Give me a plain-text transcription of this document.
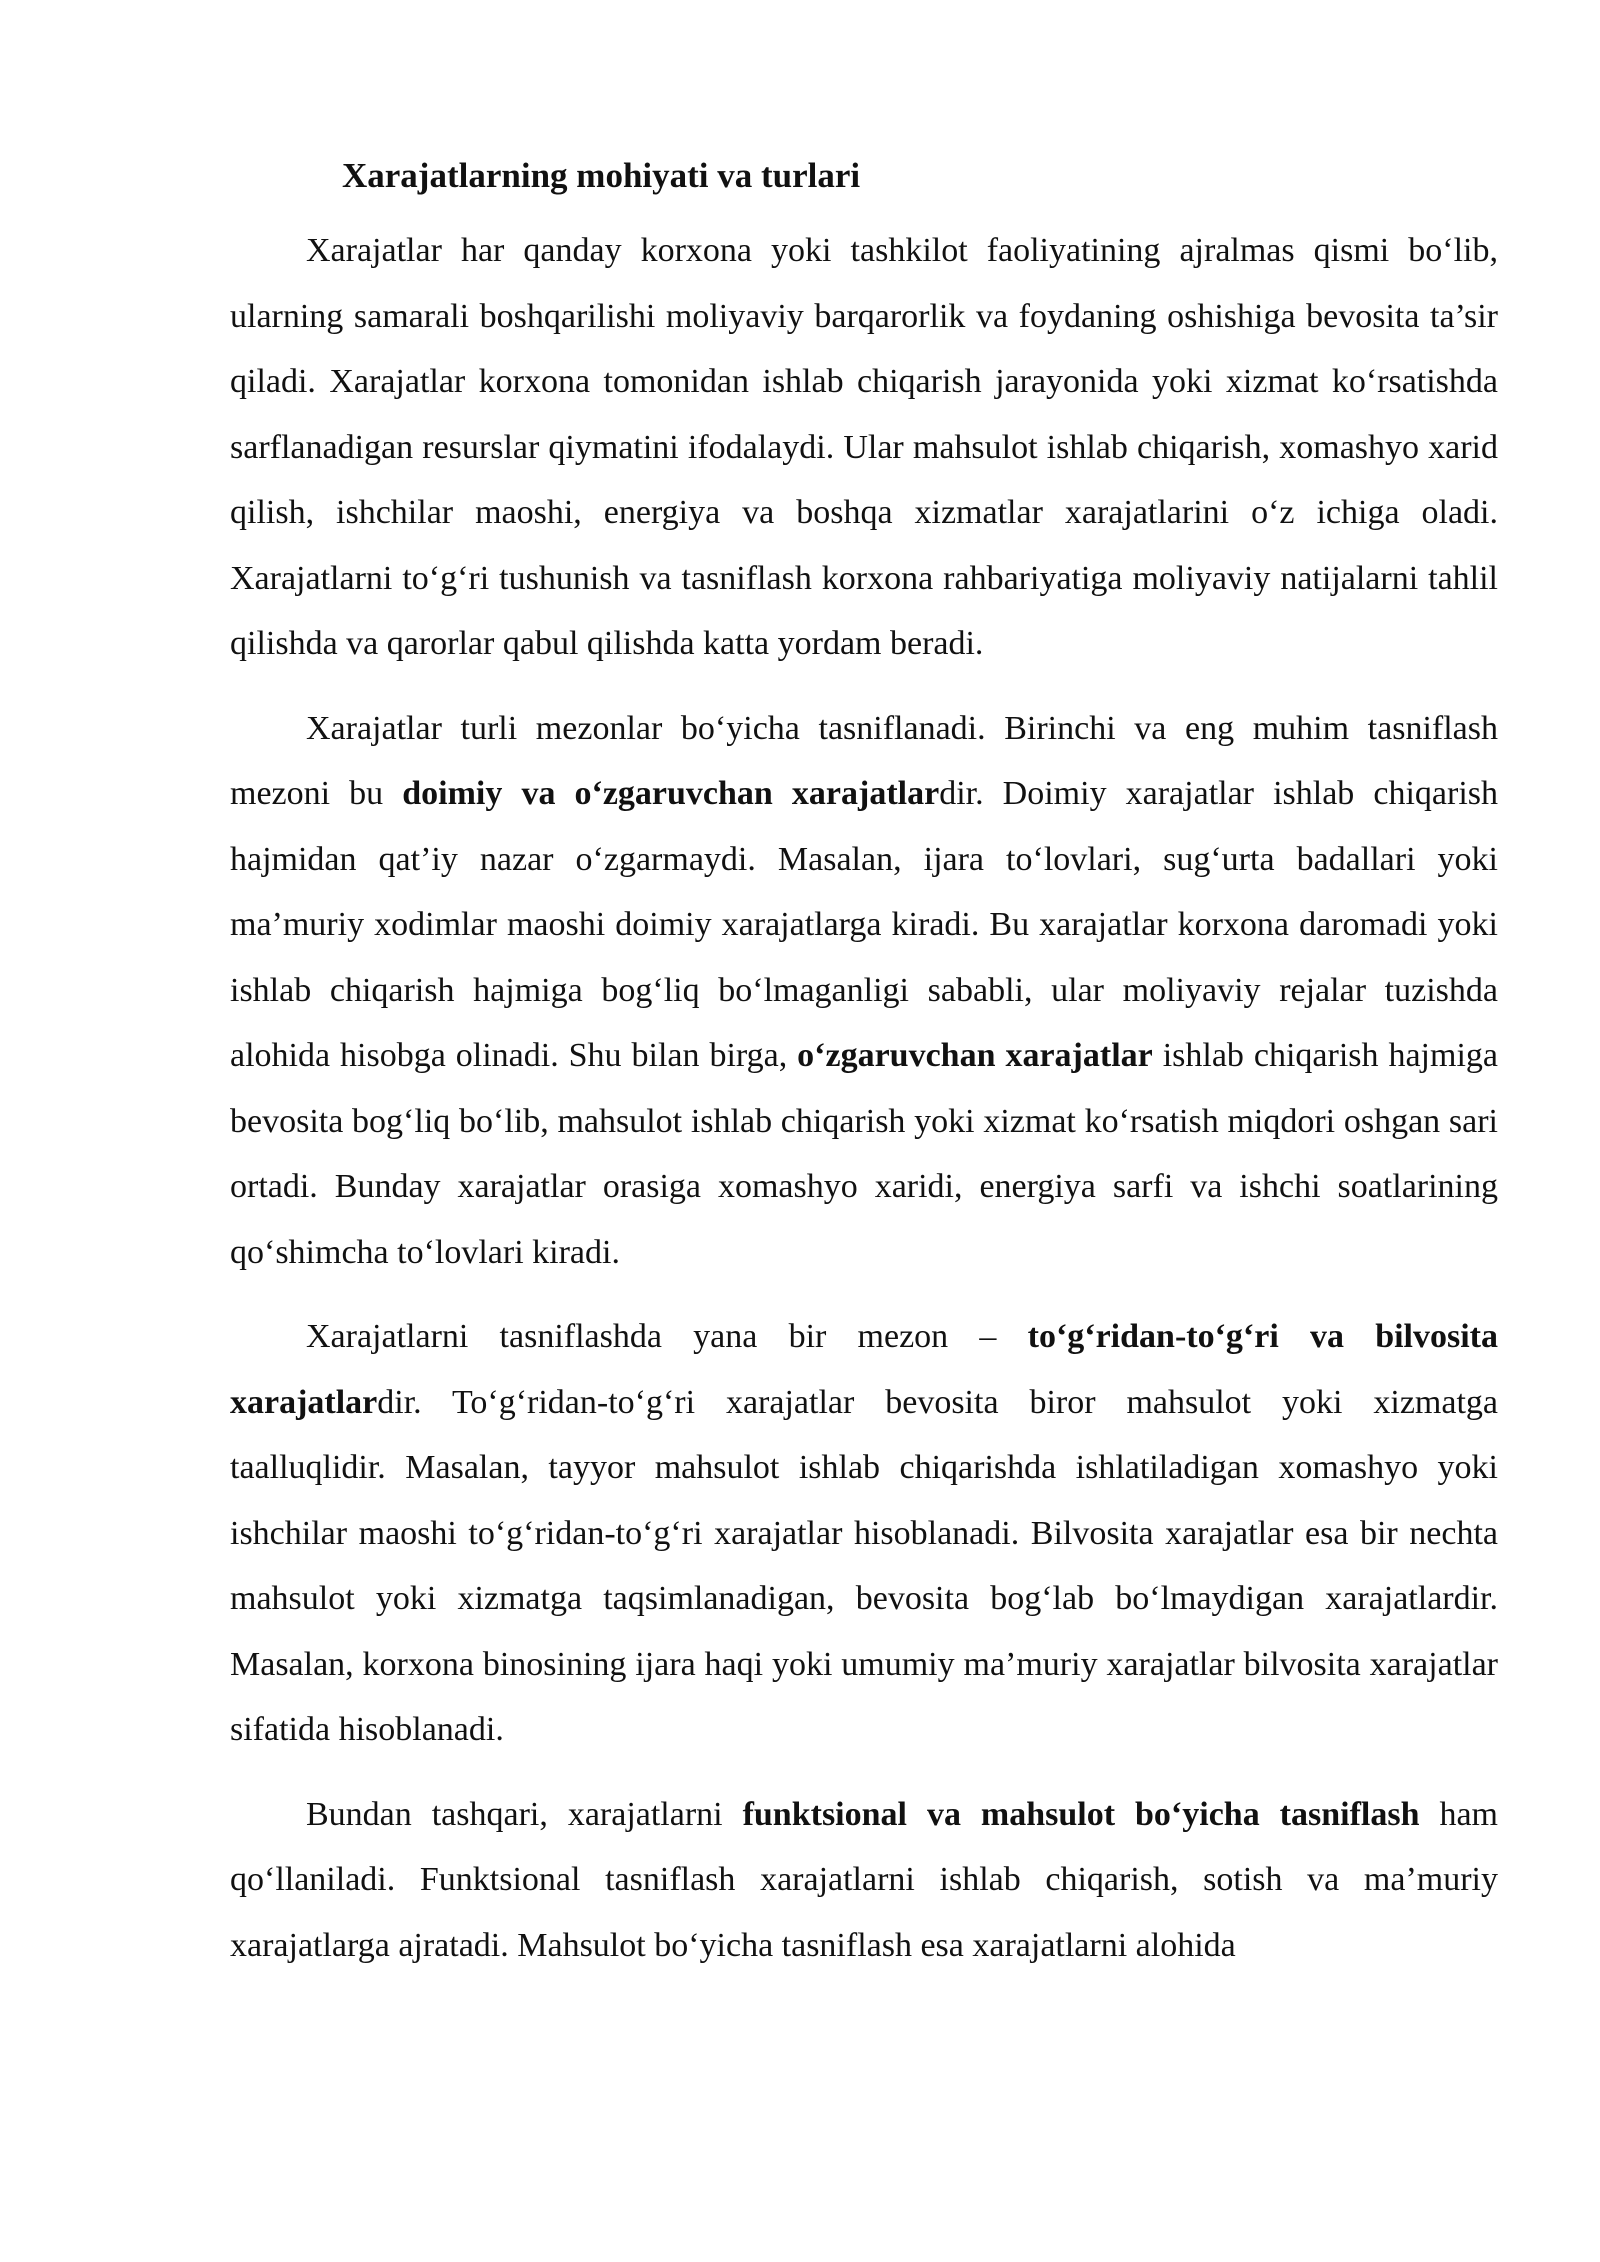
Xarajatlarning mohiyati va turlari

Xarajatlar har qanday korxona yoki tashkilot faoliyatining ajralmas qismi bo‘lib, ularning samarali boshqarilishi moliyaviy barqarorlik va foydaning oshishiga bevosita ta’sir qiladi. Xarajatlar korxona tomonidan ishlab chiqarish jarayonida yoki xizmat ko‘rsatishda sarflanadigan resurslar qiymatini ifodalaydi. Ular mahsulot ishlab chiqarish, xomashyo xarid qilish, ishchilar maoshi, energiya va boshqa xizmatlar xarajatlarini o‘z ichiga oladi. Xarajatlarni to‘g‘ri tushunish va tasniflash korxona rahbariyatiga moliyaviy natijalarni tahlil qilishda va qarorlar qabul qilishda katta yordam beradi.

Xarajatlar turli mezonlar bo‘yicha tasniflanadi. Birinchi va eng muhim tasniflash mezoni bu doimiy va o‘zgaruvchan xarajatlardir. Doimiy xarajatlar ishlab chiqarish hajmidan qat’iy nazar o‘zgarmaydi. Masalan, ijara to‘lovlari, sug‘urta badallari yoki ma’muriy xodimlar maoshi doimiy xarajatlarga kiradi. Bu xarajatlar korxona daromadi yoki ishlab chiqarish hajmiga bog‘liq bo‘lmaganligi sababli, ular moliyaviy rejalar tuzishda alohida hisobga olinadi. Shu bilan birga, o‘zgaruvchan xarajatlar ishlab chiqarish hajmiga bevosita bog‘liq bo‘lib, mahsulot ishlab chiqarish yoki xizmat ko‘rsatish miqdori oshgan sari ortadi. Bunday xarajatlar orasiga xomashyo xaridi, energiya sarfi va ishchi soatlarining qo‘shimcha to‘lovlari kiradi.

Xarajatlarni tasniflashda yana bir mezon – to‘g‘ridan-to‘g‘ri va bilvosita xarajatlardir. To‘g‘ridan-to‘g‘ri xarajatlar bevosita biror mahsulot yoki xizmatga taalluqlidir. Masalan, tayyor mahsulot ishlab chiqarishda ishlatiladigan xomashyo yoki ishchilar maoshi to‘g‘ridan-to‘g‘ri xarajatlar hisoblanadi. Bilvosita xarajatlar esa bir nechta mahsulot yoki xizmatga taqsimlanadigan, bevosita bog‘lab bo‘lmaydigan xarajatlardir. Masalan, korxona binosining ijara haqi yoki umumiy ma’muriy xarajatlar bilvosita xarajatlar sifatida hisoblanadi.

Bundan tashqari, xarajatlarni funktsional va mahsulot bo‘yicha tasniflash ham qo‘llaniladi. Funktsional tasniflash xarajatlarni ishlab chiqarish, sotish va ma’muriy xarajatlarga ajratadi. Mahsulot bo‘yicha tasniflash esa xarajatlarni alohida
